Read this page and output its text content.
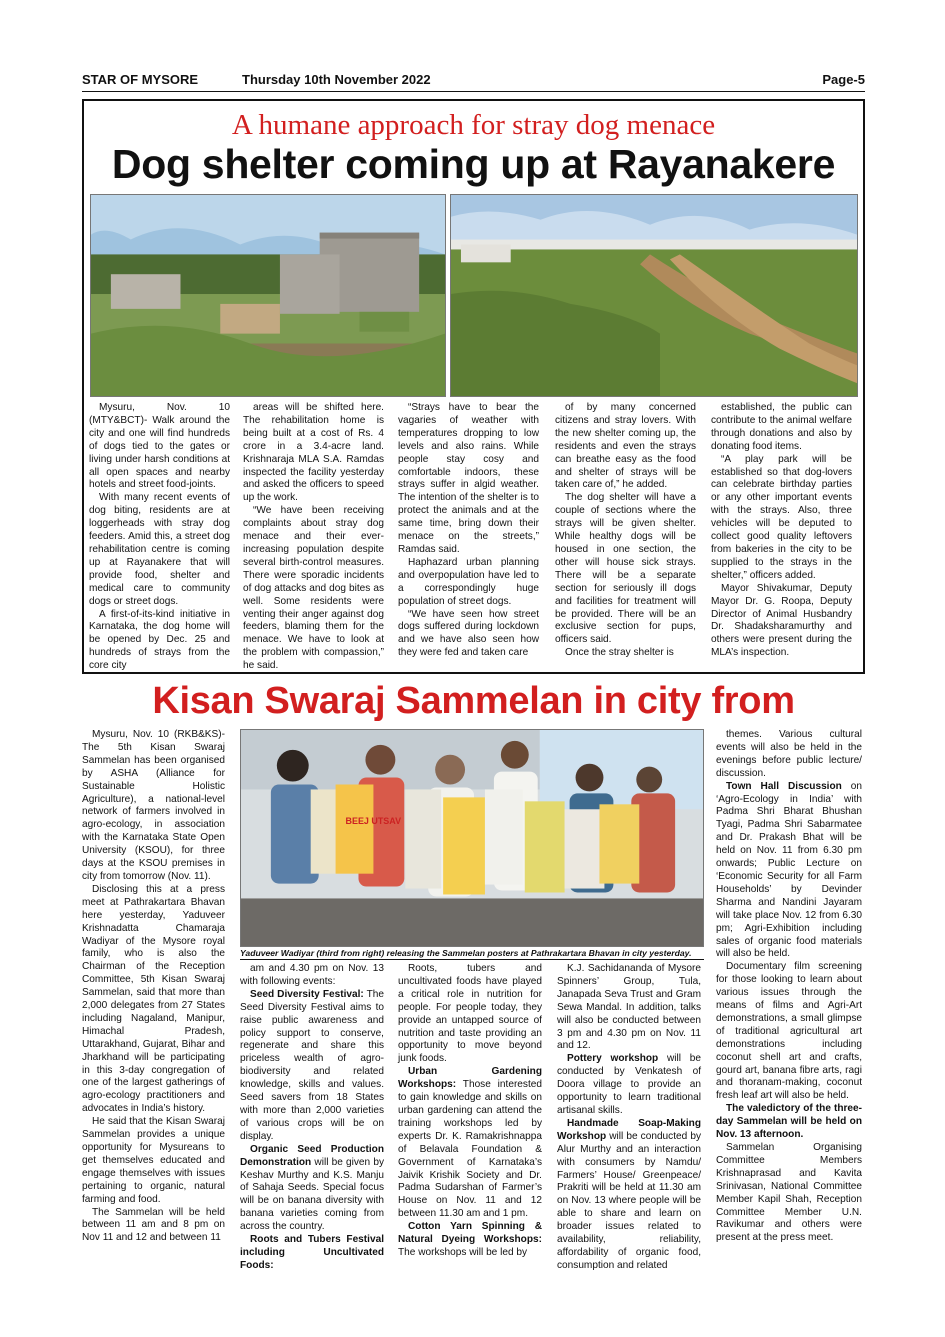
STAR OF MYSORE	Thursday 10th November 2022	Page-5
A humane approach for stray dog menace
Dog shelter coming up at Rayanakere

Mysuru, Nov. 10 (MTY&BCT)- Walk around the city and one will find hundreds of dogs tied to the gates or living under harsh conditions at all open spaces and nearby hotels and street food-joints.

With many recent events of dog biting, residents are at loggerheads with stray dog feeders. Amid this, a street dog rehabilitation centre is coming up at Rayanakere that will provide food, shelter and medical care to community dogs or street dogs.

A first-of-its-kind initiative in Karnataka, the dog home will be opened by Dec. 25 and hundreds of strays from the core city

areas will be shifted here. The rehabilitation home is being built at a cost of Rs. 4 crore in a 3.4-acre land. Krishnaraja MLA S.A. Ramdas inspected the facility yesterday and asked the officers to speed up the work.

“We have been receiving complaints about stray dog menace and their ever-increasing population despite several birth-control measures. There were sporadic incidents of dog attacks and dog bites as well. Some residents were venting their anger against dog feeders, blaming them for the menace. We have to look at the problem with compassion,” he said.

“Strays have to bear the vagaries of weather with temperatures dropping to low levels and also rains. While people stay cosy and comfortable indoors, these strays suffer in algid weather. The intention of the shelter is to protect the animals and at the same time, bring down their menace on the streets,” Ramdas said.

Haphazard urban planning and overpopulation have led to a correspondingly huge population of street dogs.

“We have seen how street dogs suffered during lockdown and we have also seen how they were fed and taken care

of by many concerned citizens and stray lovers. With the new shelter coming up, the residents and even the strays can breathe easy as the food and shelter of strays will be taken care of,” he added.

The dog shelter will have a couple of sections where the strays will be given shelter. While healthy dogs will be housed in one section, the other will house sick strays. There will be a separate section for seriously ill dogs and facilities for treatment will be provided. There will be an exclusive section for pups, officers said.

Once the stray shelter is

established, the public can contribute to the animal welfare through donations and also by donating food items.

“A play park will be established so that dog-lovers can celebrate birthday parties or any other important events with the strays. Also, three vehicles will be deputed to collect good quality leftovers from bakeries in the city to be supplied to the strays in the shelter,” officers added.

Mayor Shivakumar, Deputy Mayor Dr. G. Roopa, Deputy Director of Animal Husbandry Dr. Shadaksharamurthy and others were present during the MLA’s inspection.

Kisan Swaraj Sammelan in city from
BEEJ UTSAV
Yaduveer Wadiyar (third from right) releasing the Sammelan posters at Pathrakartara Bhavan in city yesterday.

Mysuru, Nov. 10 (RKB&KS)- The 5th Kisan Swaraj Sammelan has been organised by ASHA (Alliance for Sustainable Holistic Agriculture), a national-level network of farmers involved in agro-ecology, in association with the Karnataka State Open University (KSOU), for three days at the KSOU premises in city from tomorrow (Nov. 11).

Disclosing this at a press meet at Pathrakartara Bhavan here yesterday, Yaduveer Krishnadatta Chamaraja Wadiyar of the Mysore royal family, who is also the Chairman of the Reception Committee, 5th Kisan Swaraj Sammelan, said that more than 2,000 delegates from 27 States including Nagaland, Manipur, Himachal Pradesh, Uttarakhand, Gujarat, Bihar and Jharkhand will be participating in this 3-day congregation of one of the largest gatherings of agro-ecology practitioners and advocates in India’s history.

He said that the Kisan Swaraj Sammelan provides a unique opportunity for Mysureans to get themselves educated and engage themselves with issues pertaining to organic, natural farming and food.

The Sammelan will be held between 11 am and 8 pm on Nov 11 and 12 and between 11

am and 4.30 pm on Nov. 13 with following events:

Seed Diversity Festival: The Seed Diversity Festival aims to raise public awareness and policy support to conserve, regenerate and share this priceless wealth of agro-biodiversity and related knowledge, skills and values. Seed savers from 18 States with more than 2,000 varieties of various crops will be on display.

Organic Seed Production Demonstration will be given by Keshav Murthy and K.S. Manju of Sahaja Seeds. Special focus will be on banana diversity with banana varieties coming from across the country.

Roots and Tubers Festival including Uncultivated Foods:

Roots, tubers and uncultivated foods have played a critical role in nutrition for people. For people today, they provide an untapped source of nutrition and taste providing an opportunity to move beyond junk foods.

Urban Gardening Workshops: Those interested to gain knowledge and skills on urban gardening can attend the training workshops led by experts Dr. K. Ramakrishnappa of Belavala Foundation & Government of Karnataka’s Jaivik Krishik Society and Dr. Padma Sudarshan of Farmer’s House on Nov. 11 and 12 between 11.30 am and 1 pm.

Cotton Yarn Spinning & Natural Dyeing Workshops: The workshops will be led by

K.J. Sachidananda of Mysore Spinners’ Group, Tula, Janapada Seva Trust and Gram Sewa Mandal. In addition, talks will also be conducted between 3 pm and 4.30 pm on Nov. 11 and 12.

Pottery workshop will be conducted by Venkatesh of Doora village to provide an opportunity to learn traditional artisanal skills.

Handmade Soap-Making Workshop will be conducted by Alur Murthy and an interaction with consumers by Namdu/ Farmers’ House/ Greenpeace/ Prakriti will be held at 11.30 am on Nov. 13 where people will be able to share and learn on broader issues related to availability, reliability, affordability of organic food, consumption and related

themes. Various cultural events will also be held in the evenings before public lecture/ discussion.

Town Hall Discussion on ‘Agro-Ecology in India’ with Padma Shri Bharat Bhushan Tyagi, Padma Shri Sabarmatee and Dr. Prakash Bhat will be held on Nov. 11 from 6.30 pm onwards; Public Lecture on ‘Economic Security for all Farm Households’ by Devinder Sharma and Nandini Jayaram will take place Nov. 12 from 6.30 pm; Agri-Exhibition including sales of organic food materials will also be held.

Documentary film screening for those looking to learn about various issues through the means of films and Agri-Art demonstrations, a small glimpse of traditional agricultural art demonstrations including coconut shell art and crafts, gourd art, banana fibre arts, ragi and thoranam-making, coconut fresh leaf art will also be held.

The valedictory of the three-day Sammelan will be held on Nov. 13 afternoon.

Sammelan Organising Committee Members Krishnaprasad and Kavita Srinivasan, National Committee Member Kapil Shah, Reception Committee Member U.N. Ravikumar and others were present at the press meet.
